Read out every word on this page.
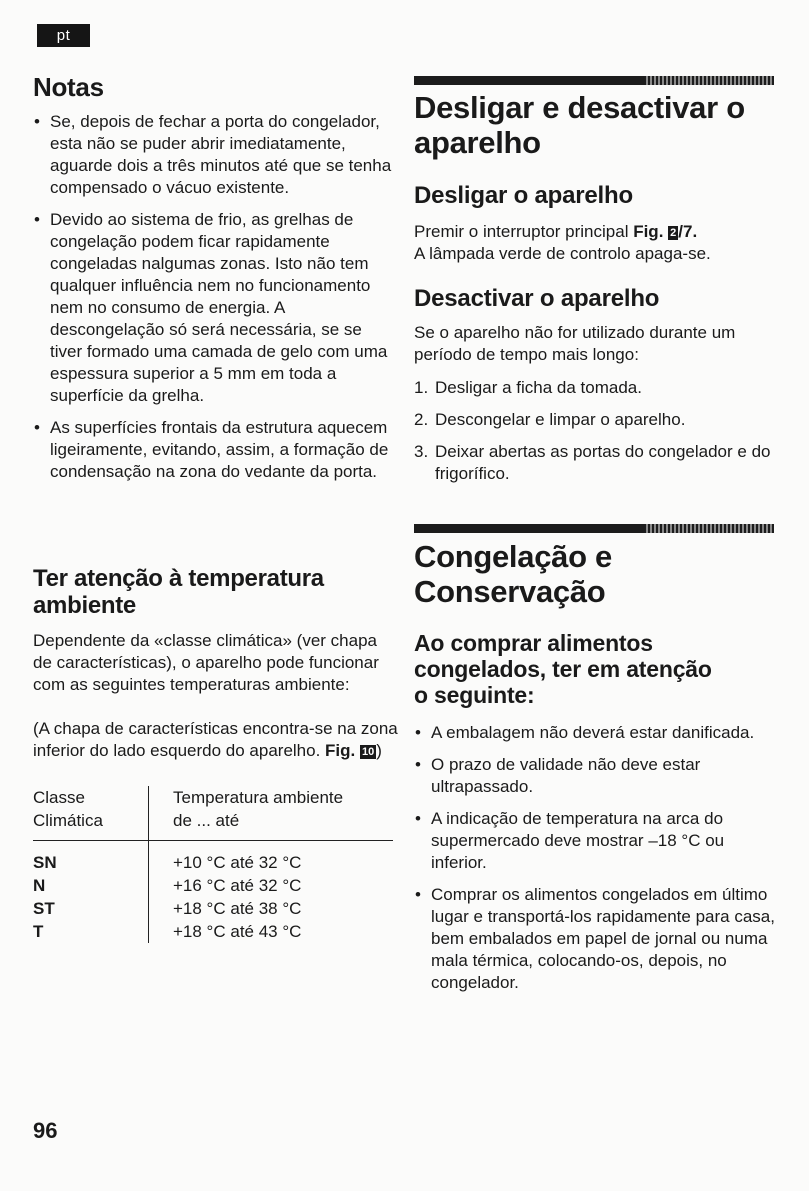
pt
Notas
• Se, depois de fechar a porta do congelador, esta não se puder abrir imediatamente, aguarde dois a três minutos até que se tenha compensado o vácuo existente.
• Devido ao sistema de frio, as grelhas de congelação podem ficar rapidamente congeladas nalgumas zonas. Isto não tem qualquer influência nem no funcionamento nem no consumo de energia. A descongelação só será necessária, se se tiver formado uma camada de gelo com uma espessura superior a 5 mm em toda a superfície da grelha.
• As superfícies frontais da estrutura aquecem ligeiramente, evitando, assim, a formação de condensação na zona do vedante da porta.
Ter atenção à temperatura
ambiente
Dependente da «classe climática» (ver chapa de características), o aparelho pode funcionar com as seguintes temperaturas ambiente:
(A chapa de características encontra-se na zona inferior do lado esquerdo do aparelho. Fig. 10 )
Classe
Climática	Temperatura ambiente
de ... até

SN	+10 °C até 32 °C
N	+16 °C até 32 °C
ST	+18 °C até 38 °C
T	+18 °C até 43 °C
Desligar e desactivar o
aparelho
Desligar o aparelho
Premir o interruptor principal Fig. 2 /7.
A lâmpada verde de controlo apaga-se.
Desactivar o aparelho
Se o aparelho não for utilizado durante um período de tempo mais longo:
1. Desligar a ficha da tomada.
2. Descongelar e limpar o aparelho.
3. Deixar abertas as portas do congelador e do frigorífico.
Congelação e
Conservação
Ao comprar alimentos
congelados, ter em atenção
o seguinte:
• A embalagem não deverá estar danificada.
• O prazo de validade não deve estar ultrapassado.
• A indicação de temperatura na arca do supermercado deve mostrar –18 °C ou inferior.
• Comprar os alimentos congelados em último lugar e transportá-los rapidamente para casa, bem embalados em papel de jornal ou numa mala térmica, colocando-os, depois, no congelador.
96
